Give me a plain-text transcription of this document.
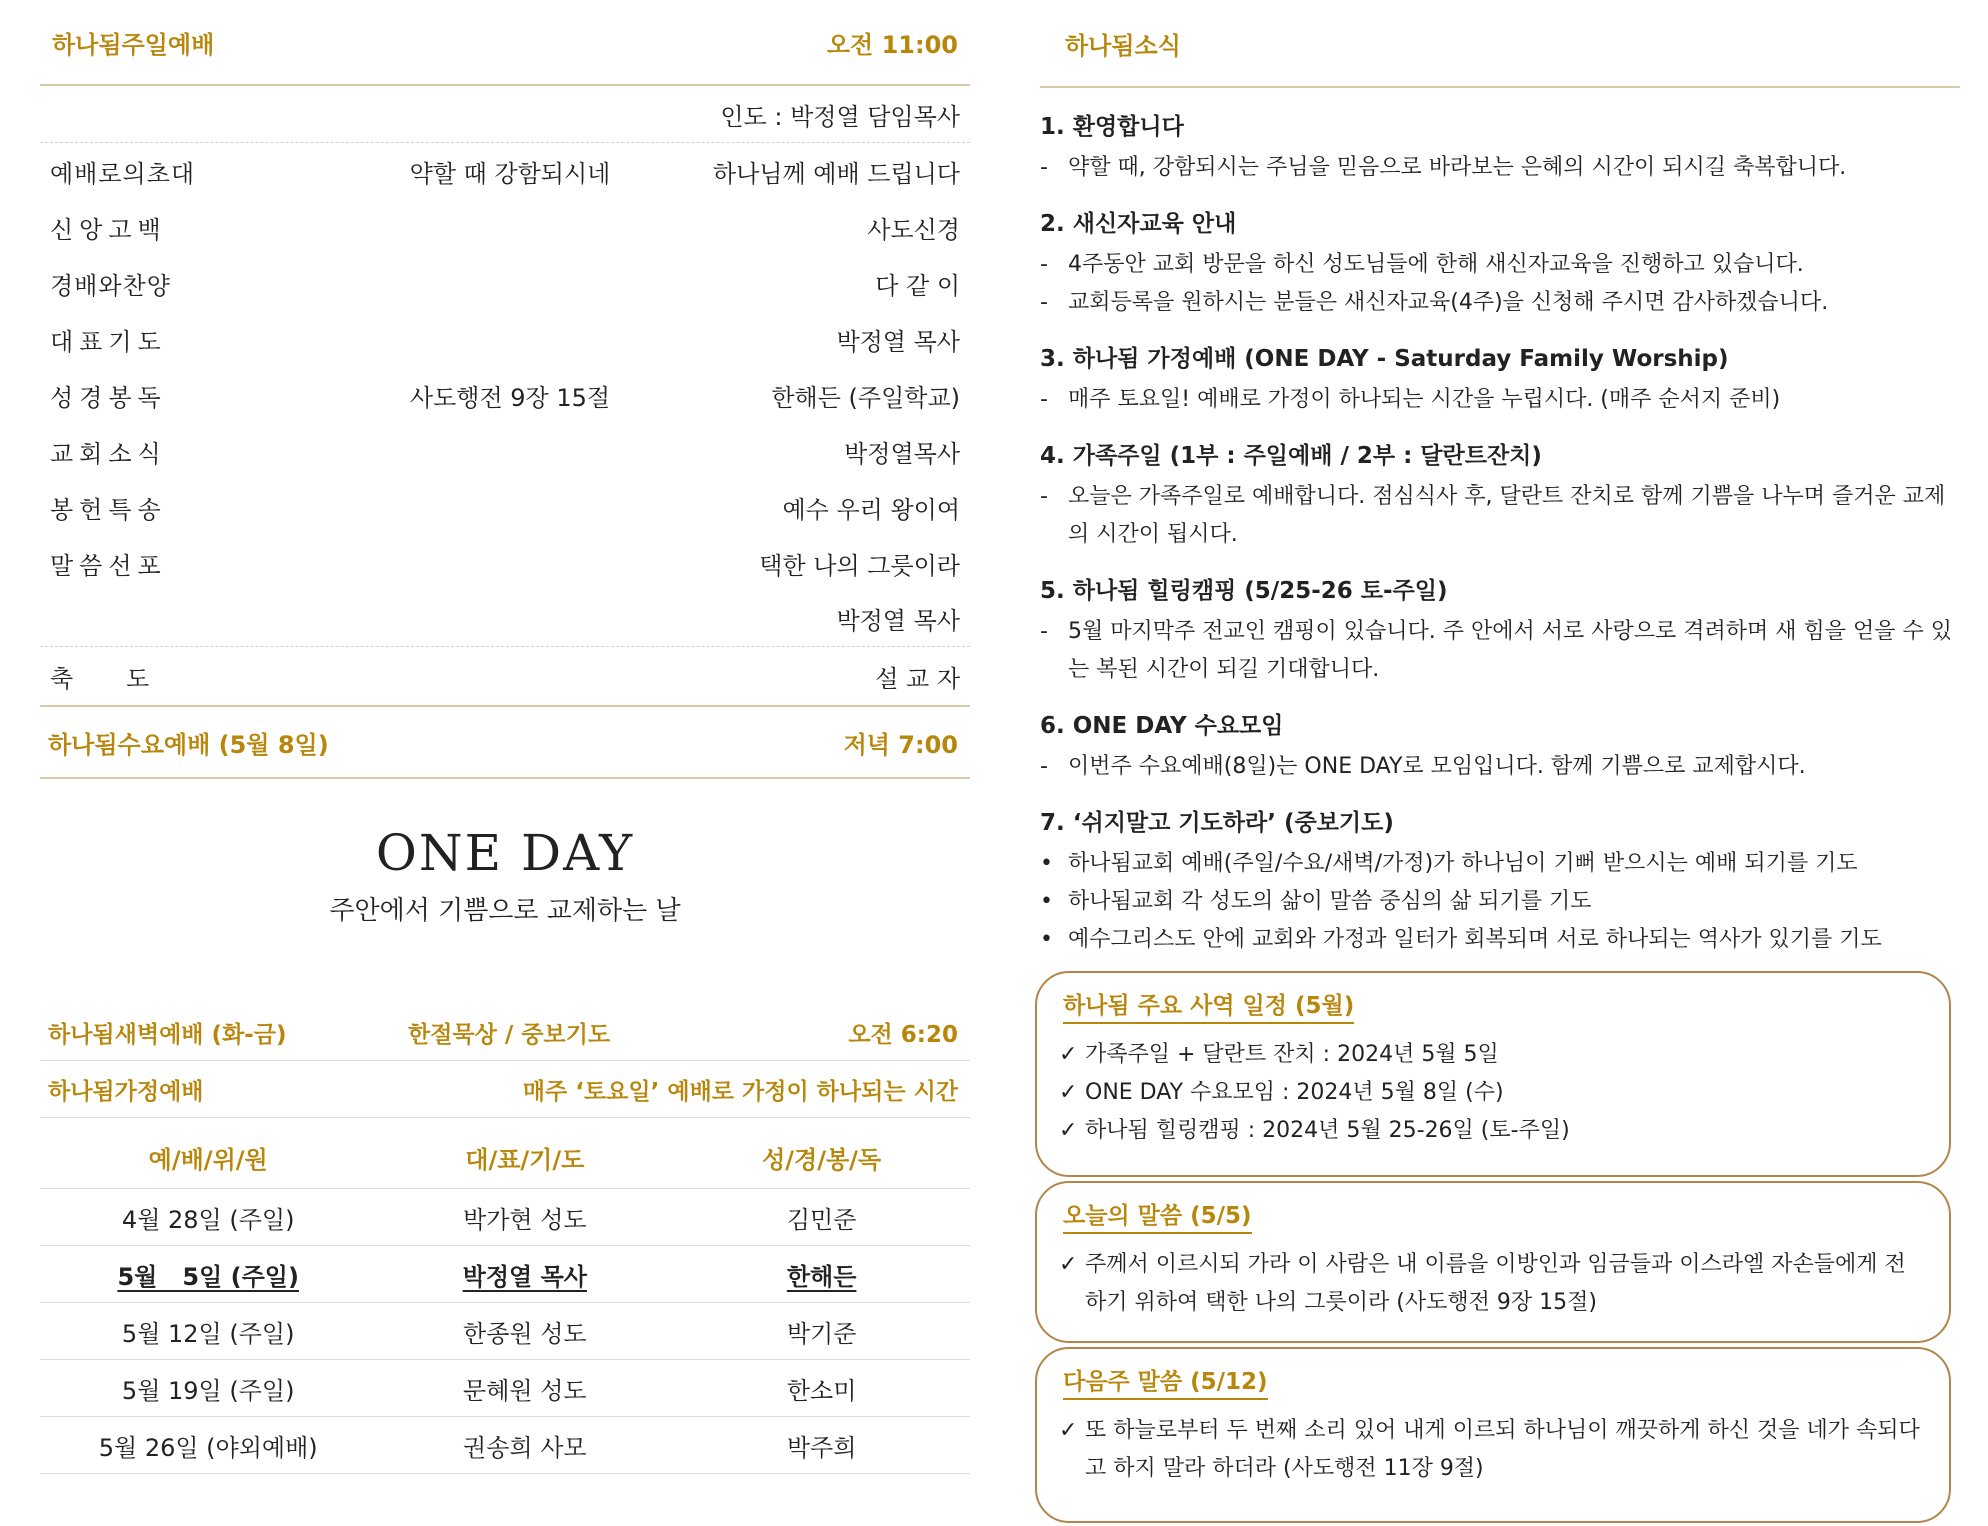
하나됨주일예배	오전 11:00
인도 : 박정열 담임목사
예배로의초대	약할 때 강함되시네	하나님께 예배 드립니다
신앙고백	사도신경
경배와찬양	다 같 이
대표기도	박정열 목사
성경봉독	사도행전 9장 15절	한해든 (주일학교)
교회소식	박정열목사
봉헌특송	예수 우리 왕이여
말씀선포	택한 나의 그릇이라
박정열 목사
축      도	설 교 자
하나됨수요예배 (5월 8일)	저녁 7:00
ONE DAY
주안에서 기쁨으로 교제하는 날
하나됨새벽예배 (화-금)	한절묵상 / 중보기도	오전 6:20
하나됨가정예배	매주 ‘토요일’ 예배로 가정이 하나되는 시간
예/배/위/원	대/표/기/도	성/경/봉/독
4월 28일 (주일)	박가현 성도	김민준
5월   5일 (주일)	박정열 목사	한해든
5월 12일 (주일)	한종원 성도	박기준
5월 19일 (주일)	문혜원 성도	한소미
5월 26일 (야외예배)	권송희 사모	박주희
하나됨소식
1. 환영합니다
- 약할 때, 강함되시는 주님을 믿음으로 바라보는 은혜의 시간이 되시길 축복합니다.
2. 새신자교육 안내
- 4주동안 교회 방문을 하신 성도님들에 한해 새신자교육을 진행하고 있습니다.
- 교회등록을 원하시는 분들은 새신자교육(4주)을 신청해 주시면 감사하겠습니다.
3. 하나됨 가정예배 (ONE DAY - Saturday Family Worship)
- 매주 토요일! 예배로 가정이 하나되는 시간을 누립시다. (매주 순서지 준비)
4. 가족주일 (1부 : 주일예배 / 2부 : 달란트잔치)
- 오늘은 가족주일로 예배합니다. 점심식사 후, 달란트 잔치로 함께 기쁨을 나누며 즐거운 교제의 시간이 됩시다.
5. 하나됨 힐링캠핑 (5/25-26 토-주일)
- 5월 마지막주 전교인 캠핑이 있습니다. 주 안에서 서로 사랑으로 격려하며 새 힘을 얻을 수 있는 복된 시간이 되길 기대합니다.
6. ONE DAY 수요모임
- 이번주 수요예배(8일)는 ONE DAY로 모임입니다. 함께 기쁨으로 교제합시다.
7. ‘쉬지말고 기도하라’ (중보기도)
• 하나됨교회 예배(주일/수요/새벽/가정)가 하나님이 기뻐 받으시는 예배 되기를 기도
• 하나됨교회 각 성도의 삶이 말씀 중심의 삶 되기를 기도
• 예수그리스도 안에 교회와 가정과 일터가 회복되며 서로 하나되는 역사가 있기를 기도
하나됨 주요 사역 일정 (5월)
✓ 가족주일 + 달란트 잔치 : 2024년 5월 5일
✓ ONE DAY 수요모임 : 2024년 5월 8일 (수)
✓ 하나됨 힐링캠핑 : 2024년 5월 25-26일 (토-주일)
오늘의 말씀 (5/5)
✓ 주께서 이르시되 가라 이 사람은 내 이름을 이방인과 임금들과 이스라엘 자손들에게 전하기 위하여 택한 나의 그릇이라 (사도행전 9장 15절)
다음주 말씀 (5/12)
✓ 또 하늘로부터 두 번째 소리 있어 내게 이르되 하나님이 깨끗하게 하신 것을 네가 속되다고 하지 말라 하더라 (사도행전 11장 9절)
